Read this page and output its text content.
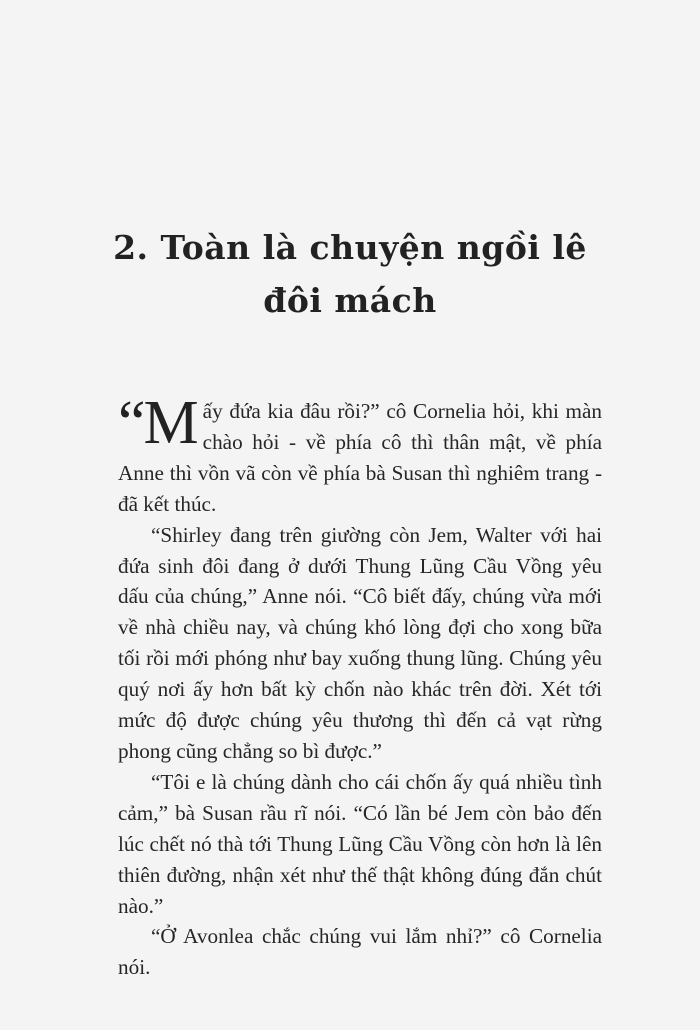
2. Toàn là chuyện ngồi lê
đôi mách

“M ấy đứa kia đâu rồi?” cô Cornelia hỏi, khi màn chào hỏi - về phía cô thì thân mật, về phía Anne thì vồn vã còn về phía bà Susan thì nghiêm trang - đã kết thúc.

“Shirley đang trên giường còn Jem, Walter với hai đứa sinh đôi đang ở dưới Thung Lũng Cầu Vồng yêu dấu của chúng,” Anne nói. “Cô biết đấy, chúng vừa mới về nhà chiều nay, và chúng khó lòng đợi cho xong bữa tối rồi mới phóng như bay xuống thung lũng. Chúng yêu quý nơi ấy hơn bất kỳ chốn nào khác trên đời. Xét tới mức độ được chúng yêu thương thì đến cả vạt rừng phong cũng chẳng so bì được.”

“Tôi e là chúng dành cho cái chốn ấy quá nhiều tình cảm,” bà Susan rầu rĩ nói. “Có lần bé Jem còn bảo đến lúc chết nó thà tới Thung Lũng Cầu Vồng còn hơn là lên thiên đường, nhận xét như thế thật không đúng đắn chút nào.”

“Ở Avonlea chắc chúng vui lắm nhỉ?” cô Cornelia nói.
